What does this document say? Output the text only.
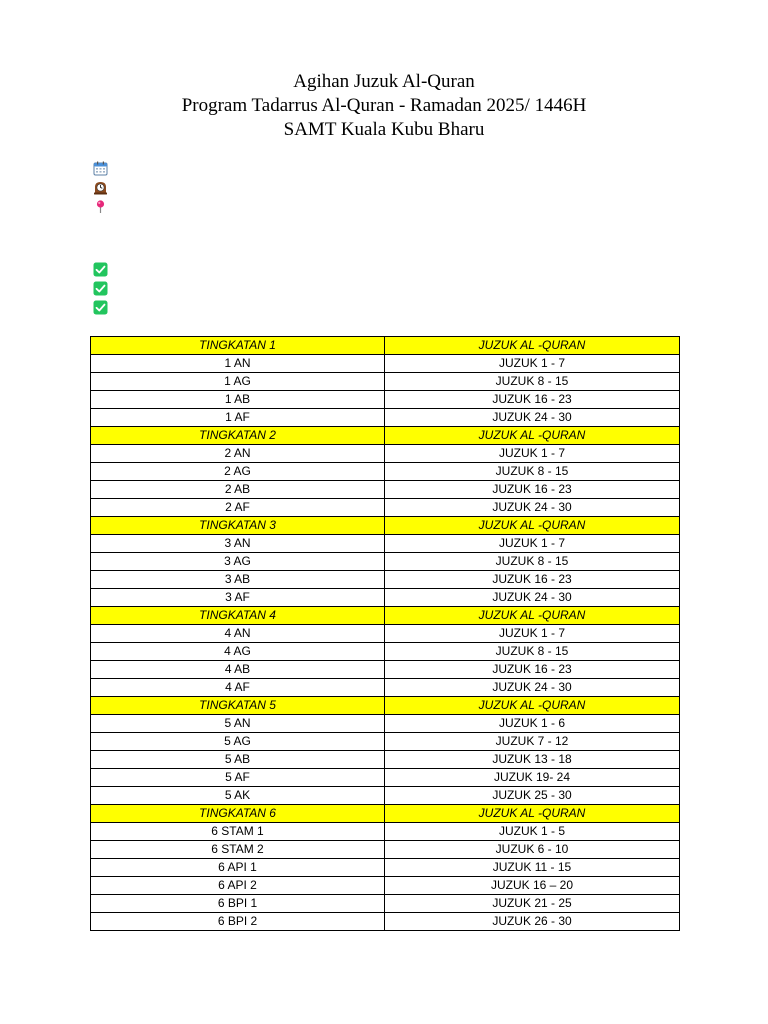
Agihan Juzuk Al-Quran
Program Tadarrus Al-Quran - Ramadan 2025/ 1446H
SAMT Kuala Kubu Bharu
TINGKATAN 1	JUZUK AL -QURAN
1 AN	JUZUK 1 - 7
1 AG	JUZUK 8 - 15
1 AB	JUZUK 16 - 23
1 AF	JUZUK 24 - 30
TINGKATAN 2	JUZUK AL -QURAN
2 AN	JUZUK 1 - 7
2 AG	JUZUK 8 - 15
2 AB	JUZUK 16 - 23
2 AF	JUZUK 24 - 30
TINGKATAN 3	JUZUK AL -QURAN
3 AN	JUZUK 1 - 7
3 AG	JUZUK 8 - 15
3 AB	JUZUK 16 - 23
3 AF	JUZUK 24 - 30
TINGKATAN 4	JUZUK AL -QURAN
4 AN	JUZUK 1 - 7
4 AG	JUZUK 8 - 15
4 AB	JUZUK 16 - 23
4 AF	JUZUK 24 - 30
TINGKATAN 5	JUZUK AL -QURAN
5 AN	JUZUK 1 - 6
5 AG	JUZUK 7 - 12
5 AB	JUZUK 13 - 18
5 AF	JUZUK 19- 24
5 AK	JUZUK 25 - 30
TINGKATAN 6	JUZUK AL -QURAN
6 STAM 1	JUZUK 1 - 5
6 STAM 2	JUZUK 6 - 10
6 API 1	JUZUK 11 - 15
6 API 2	JUZUK 16 – 20
6 BPI 1	JUZUK 21 - 25
6 BPI 2	JUZUK 26 - 30
